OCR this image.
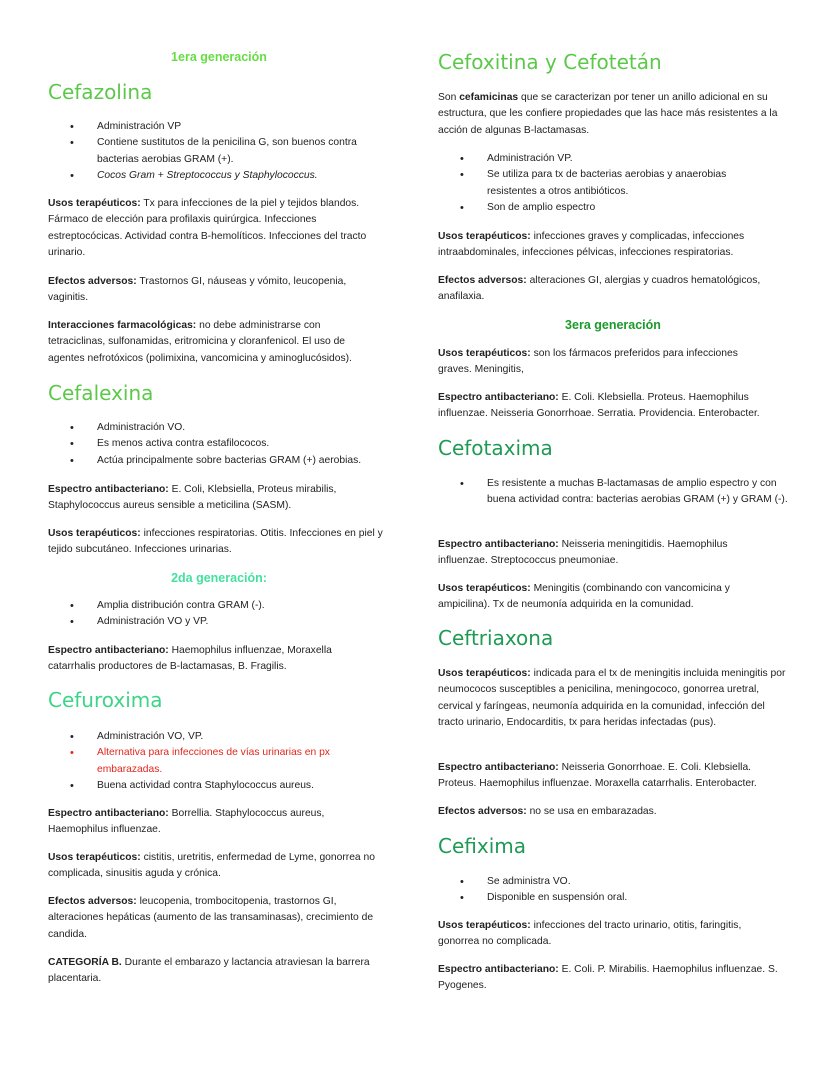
1era generación
Cefazolina
• Administración VP
• Contiene sustitutos de la penicilina G, son buenos contra bacterias aerobias GRAM (+).
• Cocos Gram + Streptococcus y Staphylococcus.

Usos terapéuticos: Tx para infecciones de la piel y tejidos blandos. Fármaco de elección para profilaxis quirúrgica. Infecciones estreptocócicas. Actividad contra B-hemolíticos. Infecciones del tracto urinario.

Efectos adversos: Trastornos GI, náuseas y vómito, leucopenia, vaginitis.

Interacciones farmacológicas: no debe administrarse con tetraciclinas, sulfonamidas, eritromicina y cloranfenicol. El uso de agentes nefrotóxicos (polimixina, vancomicina y aminoglucósidos).

Cefalexina
• Administración VO.
• Es menos activa contra estafilococos.
• Actúa principalmente sobre bacterias GRAM (+) aerobias.

Espectro antibacteriano: E. Coli, Klebsiella, Proteus mirabilis, Staphylococcus aureus sensible a meticilina (SASM).

Usos terapéuticos: infecciones respiratorias. Otitis. Infecciones en piel y tejido subcutáneo. Infecciones urinarias.

2da generación:
• Amplia distribución contra GRAM (-).
• Administración VO y VP.

Espectro antibacteriano: Haemophilus influenzae, Moraxella catarrhalis productores de B-lactamasas, B. Fragilis.

Cefuroxima
• Administración VO, VP.
• Alternativa para infecciones de vías urinarias en px embarazadas.
• Buena actividad contra Staphylococcus aureus.

Espectro antibacteriano: Borrellia. Staphylococcus aureus, Haemophilus influenzae.

Usos terapéuticos: cistitis, uretritis, enfermedad de Lyme, gonorrea no complicada, sinusitis aguda y crónica.

Efectos adversos: leucopenia, trombocitopenia, trastornos GI, alteraciones hepáticas (aumento de las transaminasas), crecimiento de candida.

CATEGORÍA B. Durante el embarazo y lactancia atraviesan la barrera placentaria.

Cefoxitina y Cefotetán

Son cefamicinas que se caracterizan por tener un anillo adicional en su estructura, que les confiere propiedades que las hace más resistentes a la acción de algunas B-lactamasas.

• Administración VP.
• Se utiliza para tx de bacterias aerobias y anaerobias resistentes a otros antibióticos.
• Son de amplio espectro

Usos terapéuticos: infecciones graves y complicadas, infecciones intraabdominales, infecciones pélvicas, infecciones respiratorias.

Efectos adversos: alteraciones GI, alergias y cuadros hematológicos, anafilaxia.

3era generación

Usos terapéuticos: son los fármacos preferidos para infecciones graves. Meningitis,

Espectro antibacteriano: E. Coli. Klebsiella. Proteus. Haemophilus influenzae. Neisseria Gonorrhoae. Serratia. Providencia. Enterobacter.

Cefotaxima
• Es resistente a muchas B-lactamasas de amplio espectro y con buena actividad contra: bacterias aerobias GRAM (+) y GRAM (-).

Espectro antibacteriano: Neisseria meningitidis. Haemophilus influenzae. Streptococcus pneumoniae.

Usos terapéuticos: Meningitis (combinando con vancomicina y ampicilina). Tx de neumonía adquirida en la comunidad.

Ceftriaxona

Usos terapéuticos: indicada para el tx de meningitis incluida meningitis por neumococos susceptibles a penicilina, meningococo, gonorrea uretral, cervical y faríngeas, neumonía adquirida en la comunidad, infección del tracto urinario, Endocarditis, tx para heridas infectadas (pus).

Espectro antibacteriano: Neisseria Gonorrhoae. E. Coli. Klebsiella. Proteus. Haemophilus influenzae. Moraxella catarrhalis. Enterobacter.

Efectos adversos: no se usa en embarazadas.

Cefixima
• Se administra VO.
• Disponible en suspensión oral.

Usos terapéuticos: infecciones del tracto urinario, otitis, faringitis, gonorrea no complicada.

Espectro antibacteriano: E. Coli. P. Mirabilis. Haemophilus influenzae. S. Pyogenes.
